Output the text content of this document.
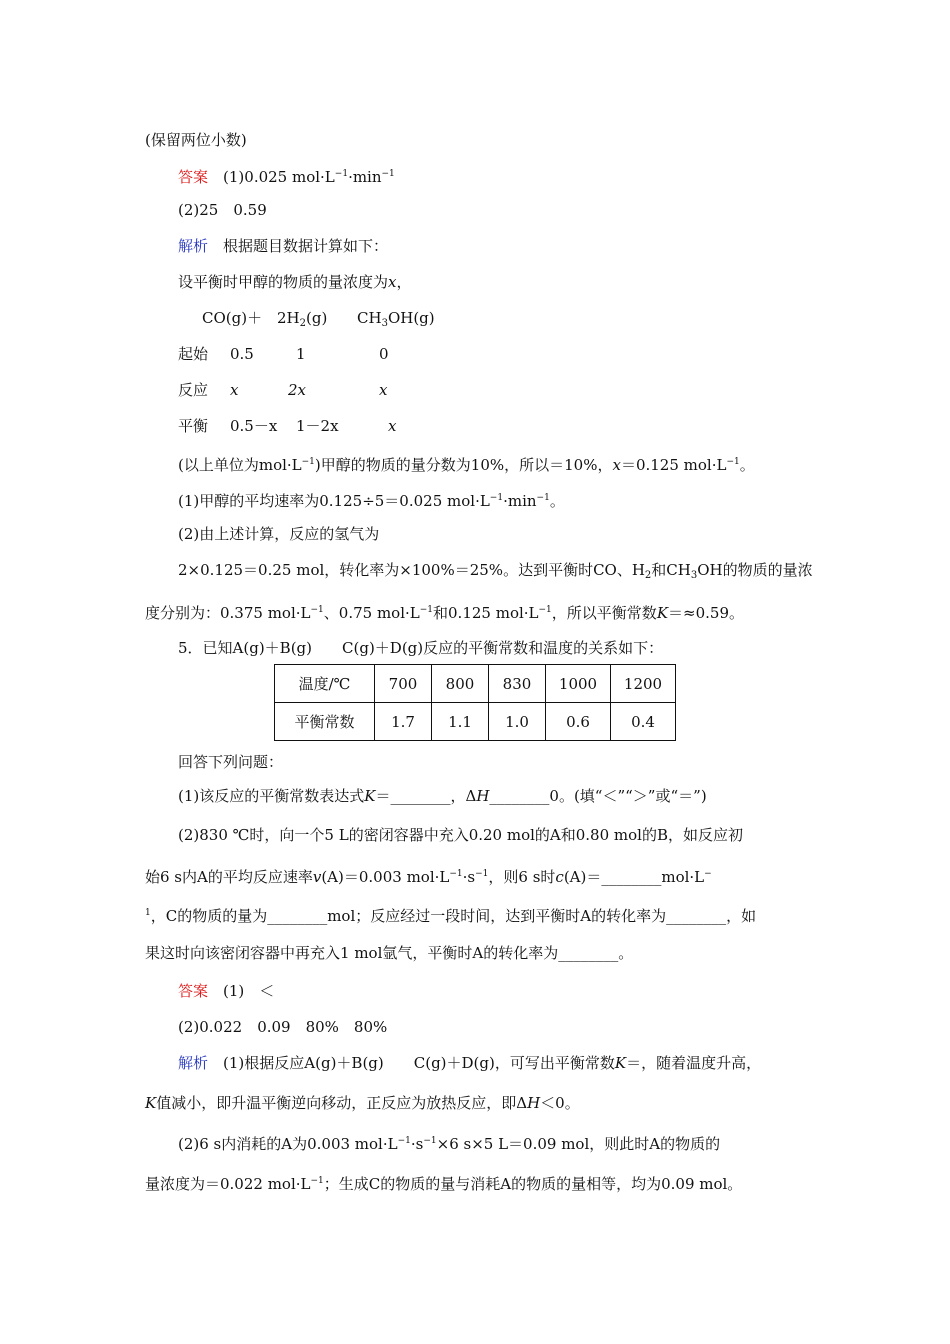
(保留两位小数)
答案　 (1)0.025 $mol\cdot L^{-1}\cdot\min^{-1}$
(2)25　0.59
解析　 根据题目数据计算如下：
设平衡时甲醇的物质的量浓度为x，
$CO(g)+ 2H_2(g)$ $CH_3OH(g)$
起始 0.5	1	0
反应 x	2x	x
平衡 0.5－x 1－2x	x
(以上单位为$mol\cdot L^{-1}$)甲醇的物质的量分数为10%，所以＝10%，x＝0.125 $mol\cdot L^{-1}$。
(1)甲醇的平均速率为0.125÷5＝0.025 $mol\cdot L^{-1}\cdot\min^{-1}$。
(2)由上述计算，反应的氢气为
2×0.125＝0.25 mol，转化率为×100%＝25%。达到平衡时CO、$H_2$和$CH_3OH$的物质的量浓
度分别为：0.375 $mol\cdot L^{-1}$、0.75 $mol\cdot L^{-1}$和0.125 $mol\cdot L^{-1}$，所以平衡常数K＝≈0.59。
5．已知A(g)＋B(g)　　C(g)＋D(g)反应的平衡常数和温度的关系如下：
温度/℃	700	800	830	1000	1200
平衡常数	1.7	1.1	1.0	0.6	0.4
回答下列问题：
(1)该反应的平衡常数表达式K＝________，ΔH________0。(填“＜”“＞”或“＝”)
(2)830 ℃时，向一个5 L的密闭容器中充入0.20 mol的A和0.80 mol的B，如反应初
始6 s内A的平均反应速率v(A)＝0.003 $mol\cdot L^{-1}\cdot s^{-1}$，则6 s时c(A)＝________mol·L−
$^1$，C的物质的量为________mol；反应经过一段时间，达到平衡时A的转化率为________，如
果这时向该密闭容器中再充入1 mol氩气，平衡时A的转化率为________。
答案　 (1)　＜
(2)0.022　0.09　80%　80%
解析　 (1)根据反应A(g)＋B(g)　　C(g)＋D(g)，可写出平衡常数K＝，随着温度升高，
K值减小，即升温平衡逆向移动，正反应为放热反应，即ΔH＜0。
(2)6 s内消耗的A为0.003 $mol\cdot L^{-1}\cdot s^{-1}\times 6$ s×5 L＝0.09 mol，则此时A的物质的
量浓度为＝0.022 $mol\cdot L^{-1}$；生成C的物质的量与消耗A的物质的量相等，均为0.09 mol。
